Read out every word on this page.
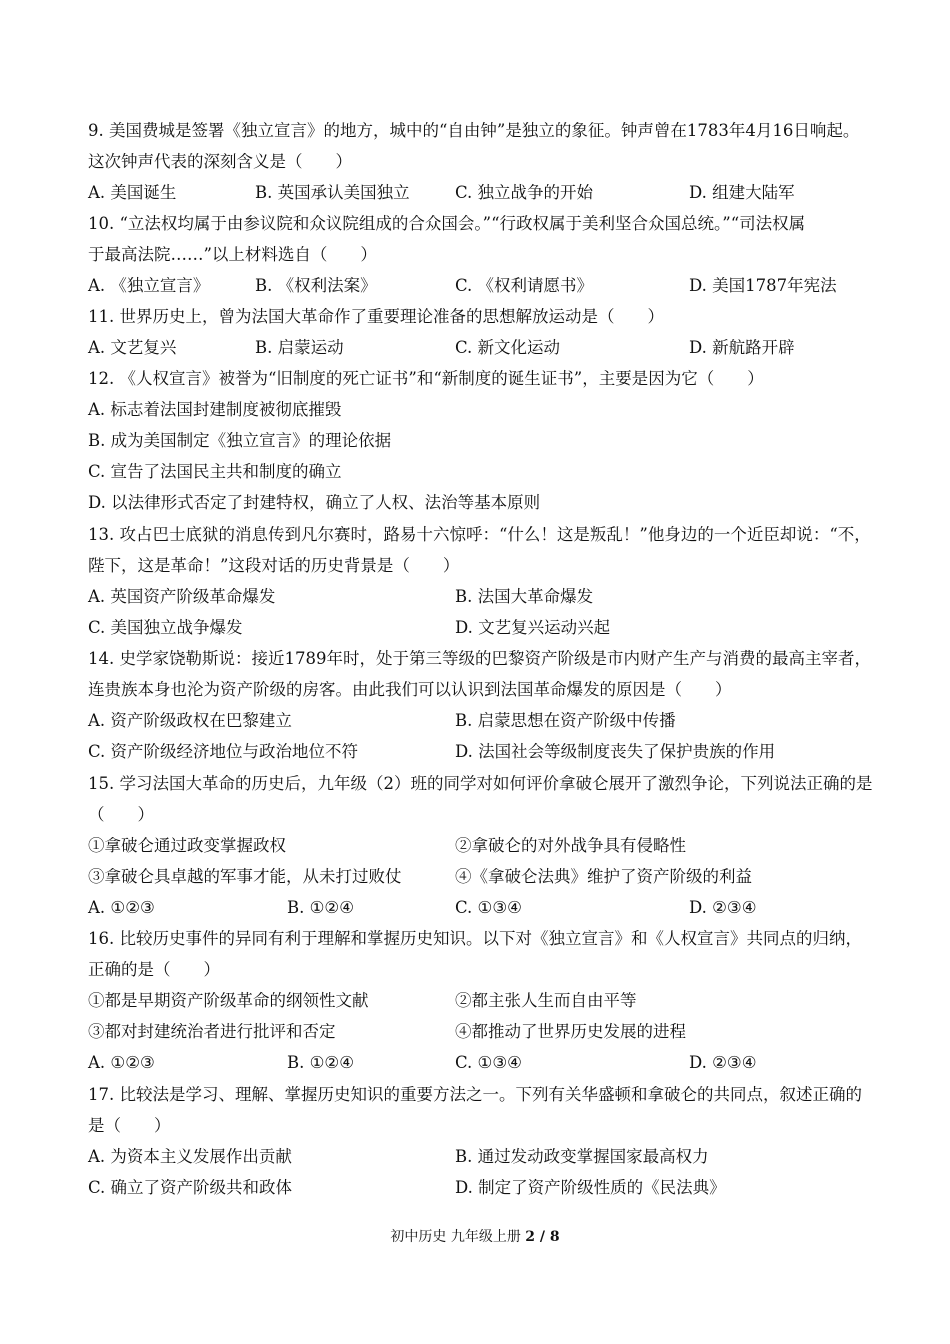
9. 美国费城是签署《独立宣言》的地方，城中的“自由钟”是独立的象征。钟声曾在1783年4月16日响起。
这次钟声代表的深刻含义是（　　）
A. 美国诞生	B. 英国承认美国独立	C. 独立战争的开始	D. 组建大陆军
10. “立法权均属于由参议院和众议院组成的合众国会。”“行政权属于美利坚合众国总统。”“司法权属
于最高法院……”以上材料选自（　　）
A. 《独立宣言》	B. 《权利法案》	C. 《权利请愿书》	D. 美国1787年宪法
11. 世界历史上，曾为法国大革命作了重要理论准备的思想解放运动是（　　）
A. 文艺复兴	B. 启蒙运动	C. 新文化运动	D. 新航路开辟
12. 《人权宣言》被誉为“旧制度的死亡证书”和“新制度的诞生证书”，主要是因为它（　　）
A. 标志着法国封建制度被彻底摧毁
B. 成为美国制定《独立宣言》的理论依据
C. 宣告了法国民主共和制度的确立
D. 以法律形式否定了封建特权，确立了人权、法治等基本原则
13. 攻占巴士底狱的消息传到凡尔赛时，路易十六惊呼：“什么！这是叛乱！”他身边的一个近臣却说：“不，
陛下，这是革命！”这段对话的历史背景是（　　）
A. 英国资产阶级革命爆发	B. 法国大革命爆发
C. 美国独立战争爆发	D. 文艺复兴运动兴起
14. 史学家饶勒斯说：接近1789年时，处于第三等级的巴黎资产阶级是市内财产生产与消费的最高主宰者，
连贵族本身也沦为资产阶级的房客。由此我们可以认识到法国革命爆发的原因是（　　）
A. 资产阶级政权在巴黎建立	B. 启蒙思想在资产阶级中传播
C. 资产阶级经济地位与政治地位不符	D. 法国社会等级制度丧失了保护贵族的作用
15. 学习法国大革命的历史后，九年级（2）班的同学对如何评价拿破仑展开了激烈争论，下列说法正确的是
（　　）
①拿破仑通过政变掌握政权	②拿破仑的对外战争具有侵略性
③拿破仑具卓越的军事才能，从未打过败仗	④《拿破仑法典》维护了资产阶级的利益
A. ①②③	B. ①②④	C. ①③④	D. ②③④
16. 比较历史事件的异同有利于理解和掌握历史知识。以下对《独立宣言》和《人权宣言》共同点的归纳，
正确的是（　　）
①都是早期资产阶级革命的纲领性文献	②都主张人生而自由平等
③都对封建统治者进行批评和否定	④都推动了世界历史发展的进程
A. ①②③	B. ①②④	C. ①③④	D. ②③④
17. 比较法是学习、理解、掌握历史知识的重要方法之一。下列有关华盛顿和拿破仑的共同点，叙述正确的
是（　　）
A. 为资本主义发展作出贡献	B. 通过发动政变掌握国家最高权力
C. 确立了资产阶级共和政体	D. 制定了资产阶级性质的《民法典》
初中历史 九年级上册 2 / 8
